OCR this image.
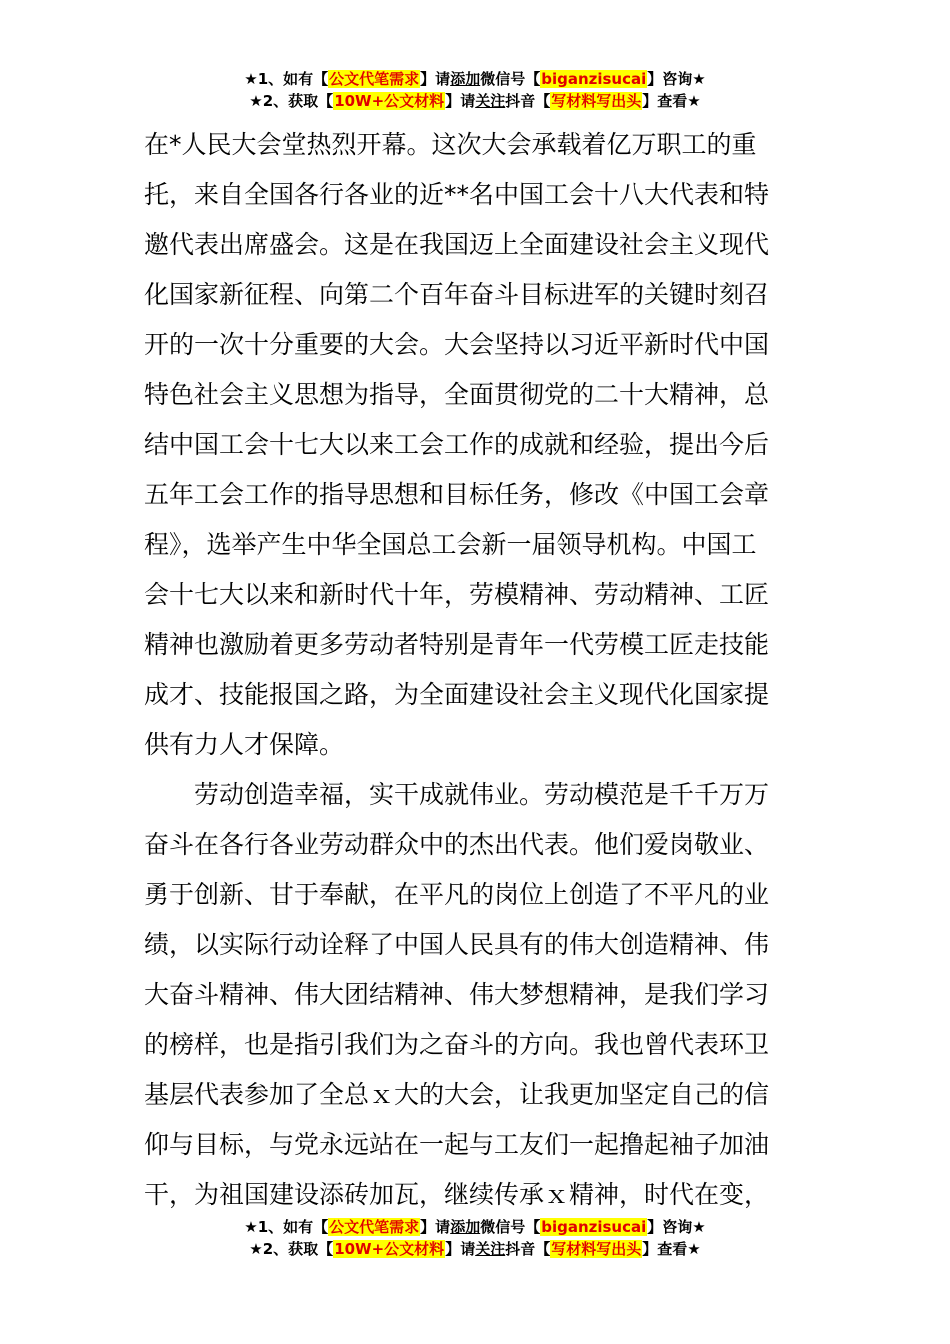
★1、如有【公文代笔需求】请添加微信号【biganzisucai】咨询★
★2、获取【10W+公文材料】请关注抖音【写材料写出头】查看★
在*人民大会堂热烈开幕。这次大会承载着亿万职工的重
托，来自全国各行各业的近**名中国工会十八大代表和特
邀代表出席盛会。这是在我国迈上全面建设社会主义现代
化国家新征程、向第二个百年奋斗目标进军的关键时刻召
开的一次十分重要的大会。大会坚持以习近平新时代中国
特色社会主义思想为指导，全面贯彻党的二十大精神，总
结中国工会十七大以来工会工作的成就和经验，提出今后
五年工会工作的指导思想和目标任务，修改《中国工会章
程》，选举产生中华全国总工会新一届领导机构。中国工
会十七大以来和新时代十年，劳模精神、劳动精神、工匠
精神也激励着更多劳动者特别是青年一代劳模工匠走技能
成才、技能报国之路，为全面建设社会主义现代化国家提
供有力人才保障。
劳动创造幸福，实干成就伟业。劳动模范是千千万万
奋斗在各行各业劳动群众中的杰出代表。他们爱岗敬业、
勇于创新、甘于奉献，在平凡的岗位上创造了不平凡的业
绩，以实际行动诠释了中国人民具有的伟大创造精神、伟
大奋斗精神、伟大团结精神、伟大梦想精神，是我们学习
的榜样，也是指引我们为之奋斗的方向。我也曾代表环卫
基层代表参加了全总ｘ大的大会，让我更加坚定自己的信
仰与目标，与党永远站在一起与工友们一起撸起袖子加油
干，为祖国建设添砖加瓦，继续传承ｘ精神，时代在变，
★1、如有【公文代笔需求】请添加微信号【biganzisucai】咨询★
★2、获取【10W+公文材料】请关注抖音【写材料写出头】查看★
